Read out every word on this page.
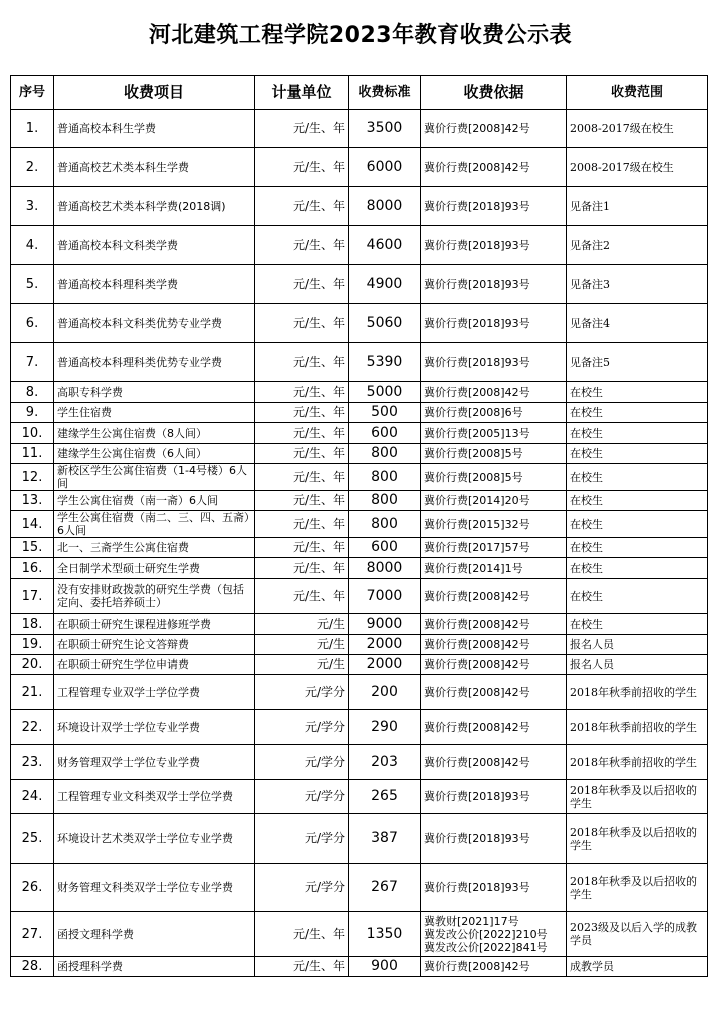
河北建筑工程学院2023年教育收费公示表
序号	收费项目	计量单位	收费标准	收费依据	收费范围
1.	普通高校本科生学费	元/生、年	3500	冀价行费[2008]42号	2008-2017级在校生
2.	普通高校艺术类本科生学费	元/生、年	6000	冀价行费[2008]42号	2008-2017级在校生
3.	普通高校艺术类本科学费(2018调)	元/生、年	8000	冀价行费[2018]93号	见备注1
4.	普通高校本科文科类学费	元/生、年	4600	冀价行费[2018]93号	见备注2
5.	普通高校本科理科类学费	元/生、年	4900	冀价行费[2018]93号	见备注3
6.	普通高校本科文科类优势专业学费	元/生、年	5060	冀价行费[2018]93号	见备注4
7.	普通高校本科理科类优势专业学费	元/生、年	5390	冀价行费[2018]93号	见备注5
8.	高职专科学费	元/生、年	5000	冀价行费[2008]42号	在校生
9.	学生住宿费	元/生、年	500	冀价行费[2008]6号	在校生
10.	建缘学生公寓住宿费（8人间）	元/生、年	600	冀价行费[2005]13号	在校生
11.	建缘学生公寓住宿费（6人间）	元/生、年	800	冀价行费[2008]5号	在校生
12.	新校区学生公寓住宿费（1-4号楼）6人间	元/生、年	800	冀价行费[2008]5号	在校生
13.	学生公寓住宿费（南一斋）6人间	元/生、年	800	冀价行费[2014]20号	在校生
14.	学生公寓住宿费（南二、三、四、五斋）6人间	元/生、年	800	冀价行费[2015]32号	在校生
15.	北一、三斋学生公寓住宿费	元/生、年	600	冀价行费[2017]57号	在校生
16.	全日制学术型硕士研究生学费	元/生、年	8000	冀价行费[2014]1号	在校生
17.	没有安排财政拨款的研究生学费（包括定向、委托培养硕士）	元/生、年	7000	冀价行费[2008]42号	在校生
18.	在职硕士研究生课程进修班学费	元/生	9000	冀价行费[2008]42号	在校生
19.	在职硕士研究生论文答辩费	元/生	2000	冀价行费[2008]42号	报名人员
20.	在职硕士研究生学位申请费	元/生	2000	冀价行费[2008]42号	报名人员
21.	工程管理专业双学士学位学费	元/学分	200	冀价行费[2008]42号	2018年秋季前招收的学生
22.	环境设计双学士学位专业学费	元/学分	290	冀价行费[2008]42号	2018年秋季前招收的学生
23.	财务管理双学士学位专业学费	元/学分	203	冀价行费[2008]42号	2018年秋季前招收的学生
24.	工程管理专业文科类双学士学位学费	元/学分	265	冀价行费[2018]93号	2018年秋季及以后招收的学生
25.	环境设计艺术类双学士学位专业学费	元/学分	387	冀价行费[2018]93号	2018年秋季及以后招收的学生
26.	财务管理文科类双学士学位专业学费	元/学分	267	冀价行费[2018]93号	2018年秋季及以后招收的学生
27.	函授文理科学费	元/生、年	1350	冀教财[2021]17号
冀发改公价[2022]210号
冀发改公价[2022]841号	2023级及以后入学的成教学员
28.	函授理科学费	元/生、年	900	冀价行费[2008]42号	成教学员
